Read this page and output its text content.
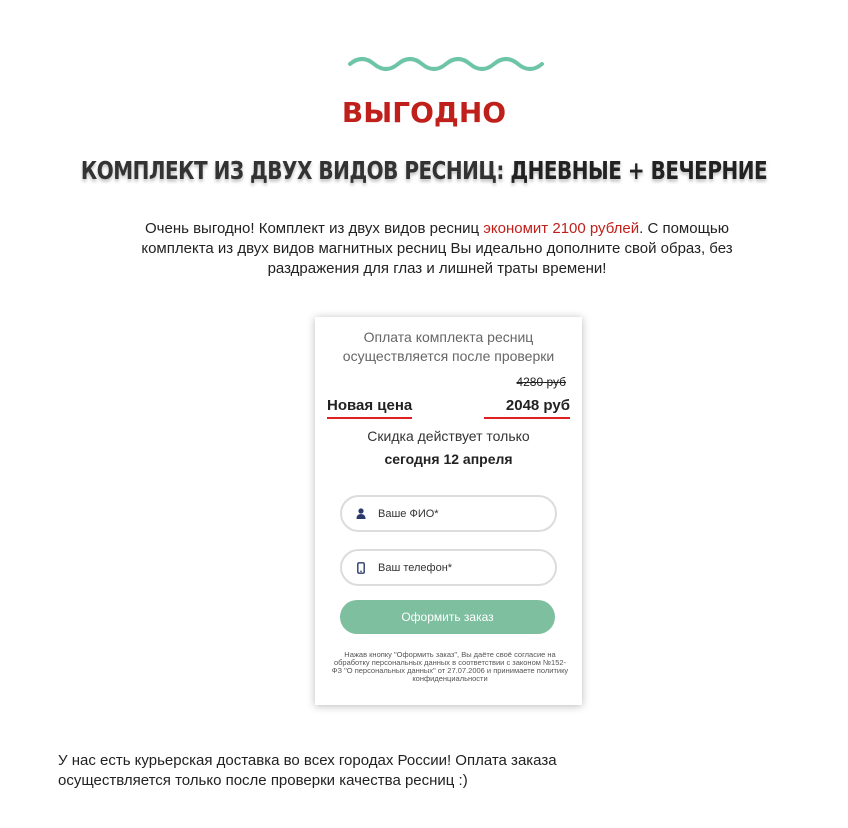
ВЫГОДНО
КОМПЛЕКТ ИЗ ДВУХ ВИДОВ РЕСНИЦ: ДНЕВНЫЕ + ВЕЧЕРНИЕ

Очень выгодно! Комплект из двух видов ресниц экономит 2100 рублей. С помощью комплекта из двух видов магнитных ресниц Вы идеально дополните свой образ, без раздражения для глаз и лишней траты времени!

Оплата комплекта ресниц осуществляется после проверки
4280 руб
Новая цена	2048 руб
Скидка действует только
сегодня 12 апреля
Ваше ФИО*
Ваш телефон*
Оформить заказ
Нажав кнопку "Оформить заказ", Вы даёте своё согласие на обработку персональных данных в соответствии с законом №152-ФЗ "О персональных данных" от 27.07.2006 и принимаете политику конфиденциальности

У нас есть курьерская доставка во всех городах России! Оплата заказа осуществляется только после проверки качества ресниц :)
